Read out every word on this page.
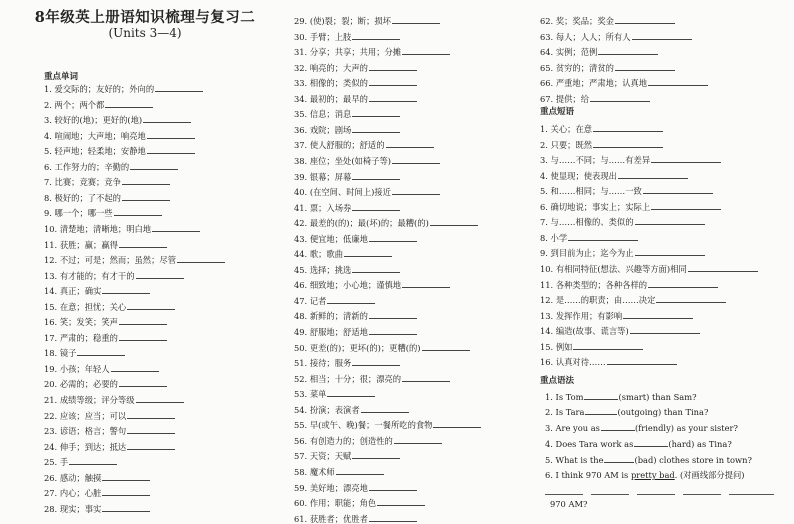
8年级英上册语知识梳理与复习二
(Units 3—4)
重点单词
1. 爱交际的；友好的；外向的
2. 两个；两个都
3. 较好的(地)；更好的(地)
4. 喧闹地；大声地；响亮地
5. 轻声地；轻柔地；安静地
6. 工作努力的；辛勤的
7. 比赛；竞赛；竞争
8. 极好的；了不起的
9. 哪一个；哪一些
10. 清楚地；清晰地；明白地
11. 获胜；赢；赢得
12. 不过；可是；然而；虽然；尽管
13. 有才能的；有才干的
14. 真正；确实
15. 在意；担忧；关心
16. 笑；发笑；笑声
17. 严肃的；稳重的
18. 镜子
19. 小孩；年轻人
20. 必需的；必要的
21. 成绩等级；评分等级
22. 应该；应当；可以
23. 谚语；格言；警句
24. 伸手；到达；抵达
25. 手
26. 感动；触摸
27. 内心；心脏
28. 现实；事实
29. (使)裂；裂；断；损坏
30. 手臂；上肢
31. 分享；共享；共用；分摊
32. 响亮的；大声的
33. 相像的；类似的
34. 最初的；最早的
35. 信息；消息
36. 戏院；剧场
37. 使人舒服的；舒适的
38. 座位；坐处(如椅子等)
39. 银幕；屏幕
40. (在空间、时间上)接近
41. 票；入场券
42. 最差的(的)；最(坏)的；最糟(的)
43. 便宜地；低廉地
44. 歌；歌曲
45. 选择；挑选
46. 细致地；小心地；谨慎地
47. 记者
48. 新鲜的；清新的
49. 舒服地；舒适地
50. 更差(的)；更坏(的)；更糟(的)
51. 接待；服务
52. 相当；十分；很；漂亮的
53. 菜单
54. 扮演；表演者
55. 早(或午、晚)餐；一餐所吃的食物
56. 有创造力的；创造性的
57. 天资；天赋
58. 魔术师
59. 美好地；漂亮地
60. 作用；职能；角色
61. 获胜者；优胜者
62. 奖；奖品；奖金
63. 每人；人人；所有人
64. 实例；范例
65. 贫穷的；清贫的
66. 严重地；严肃地；认真地
67. 提供；给
重点短语
1. 关心；在意
2. 只要；既然
3. 与……不同；与……有差异
4. 使显现；使表现出
5. 和……相同；与……一致
6. 确切地说；事实上；实际上
7. 与……相像的、类似的
8. 小学
9. 到目前为止；迄今为止
10. 有相同特征(想法、兴趣等方面)相同
11. 各种类型的；各种各样的
12. 是……的职责；由……决定
13. 发挥作用；有影响
14. 编造(故事、谎言等)
15. 例如
16. 认真对待……
重点语法
1. Is Tom	(smart) than Sam?
2. Is Tara	(outgoing) than Tina?
3. Are you as	(friendly) as your sister?
4. Does Tara work as	(hard) as Tina?
5. What is the	(bad) clothes store in town?
6. I think 970 AM is pretty bad. (对画线部分提问)
970 AM?
